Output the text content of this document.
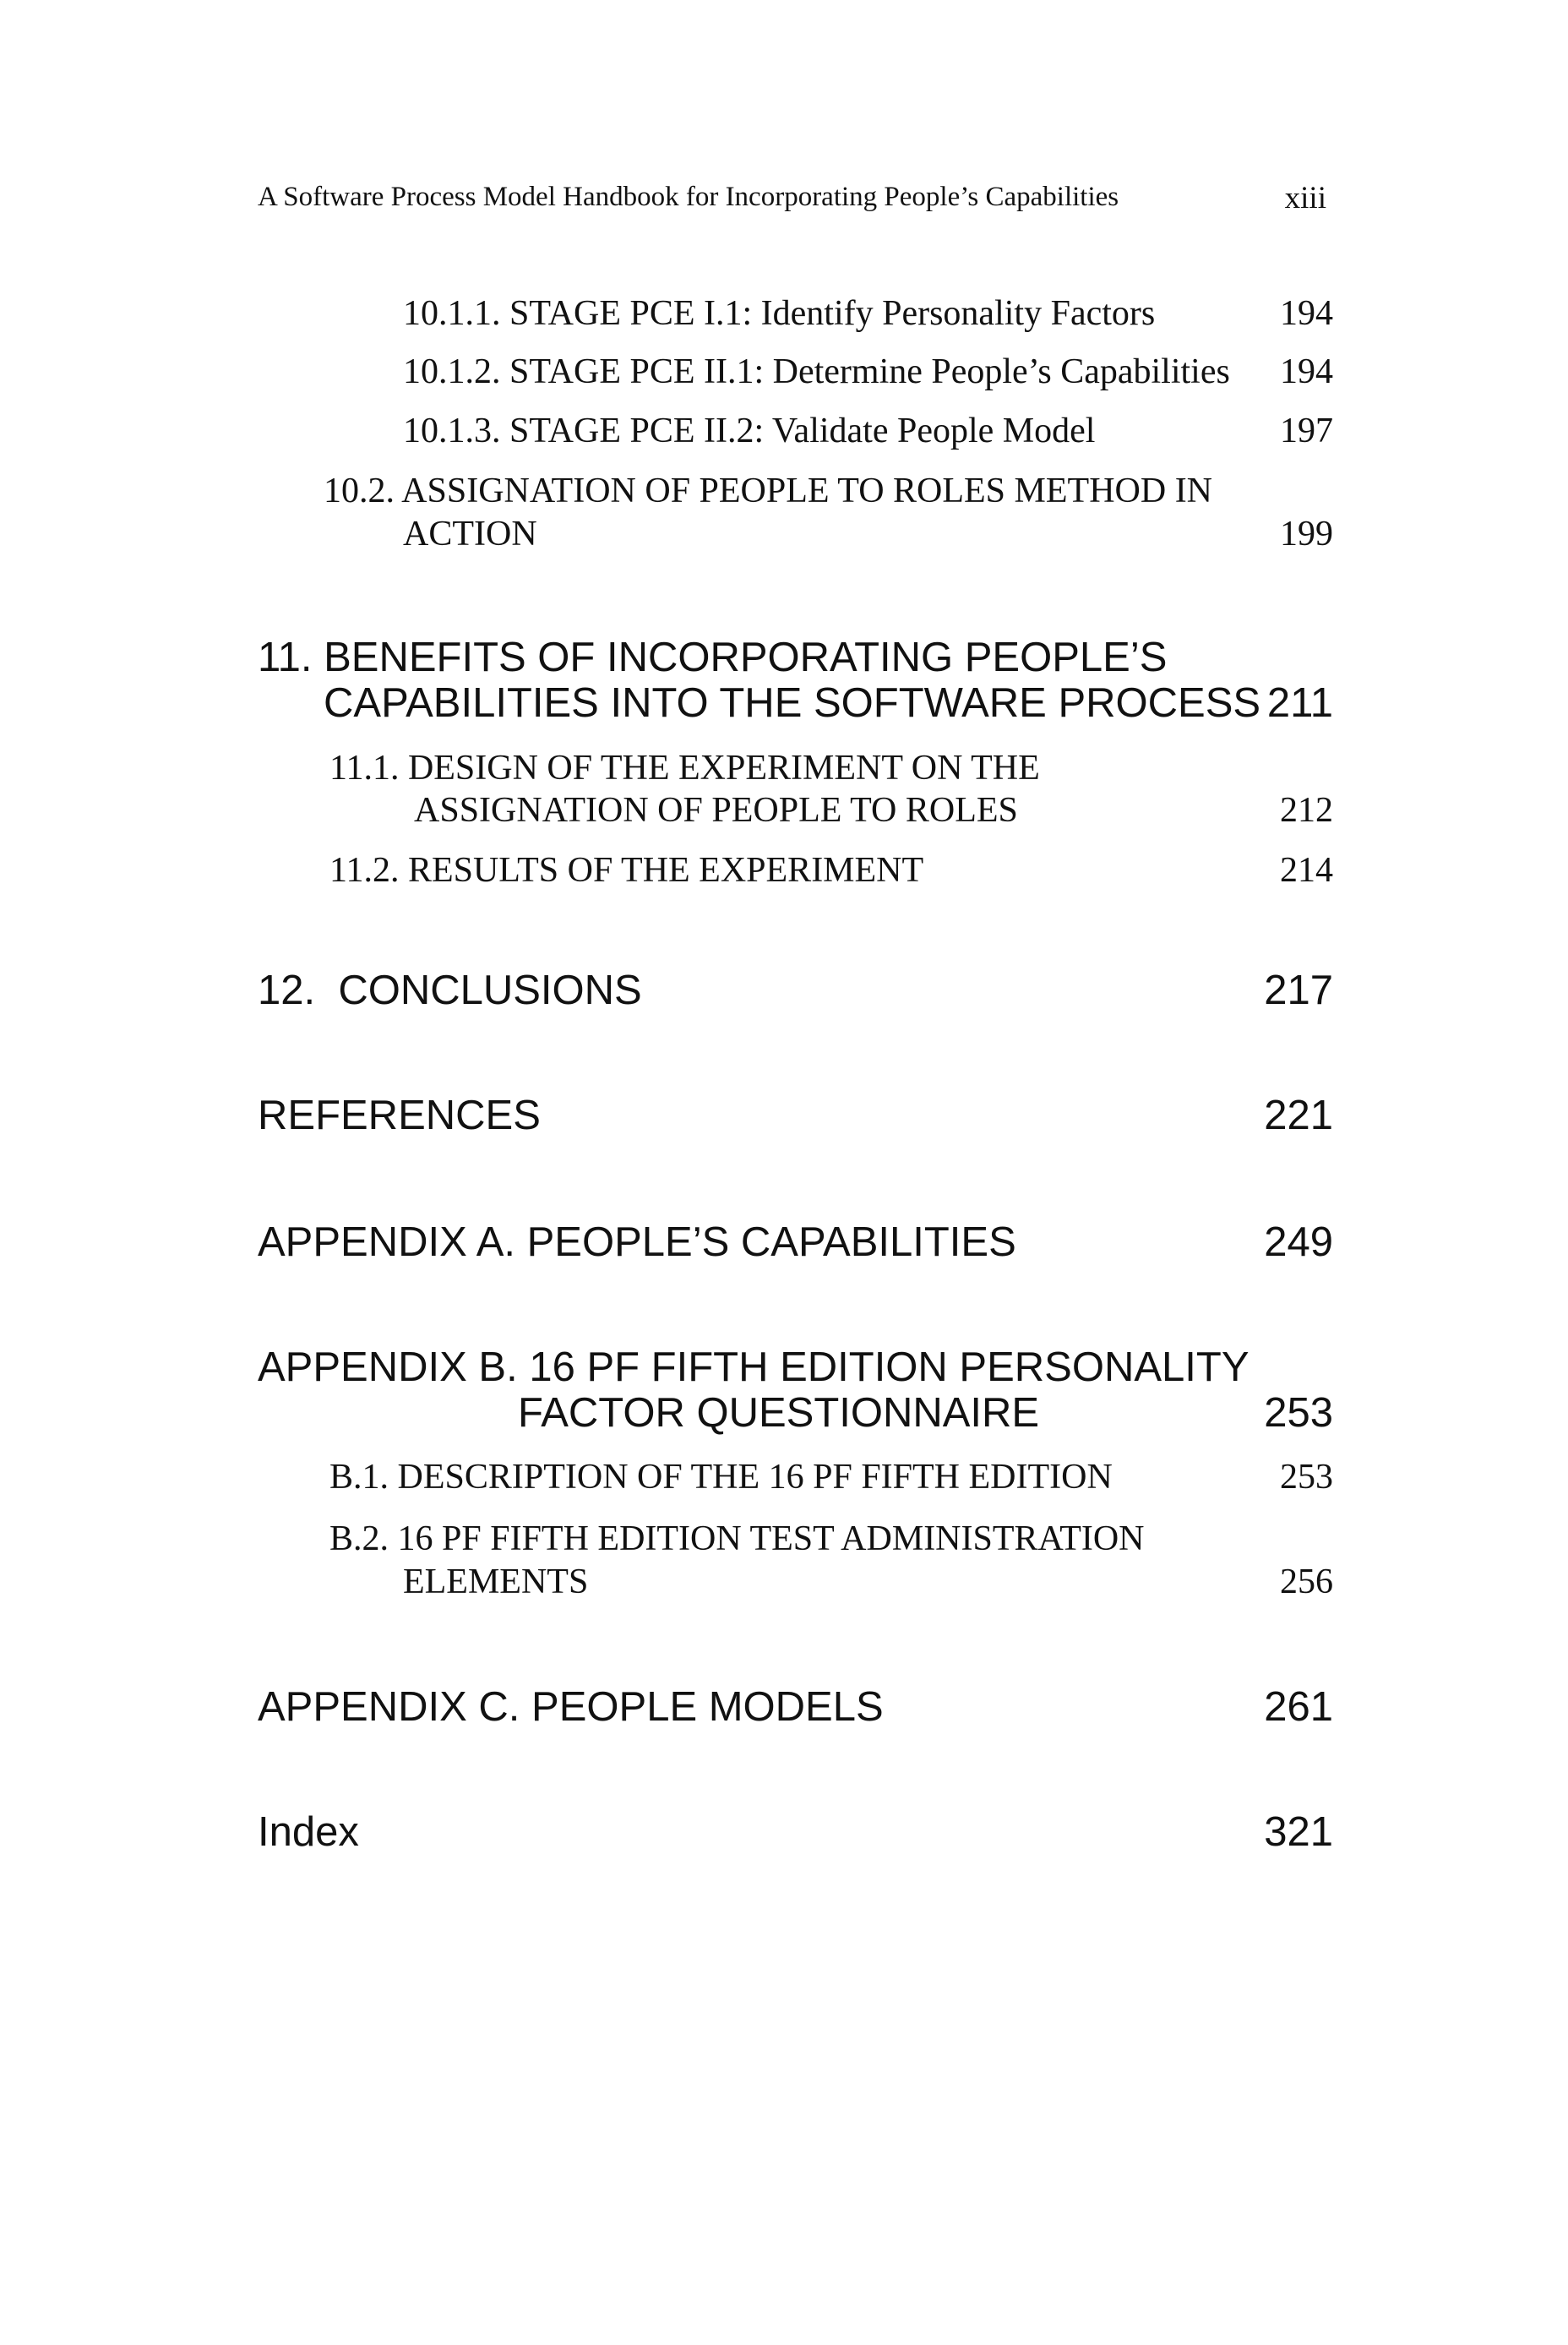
A Software Process Model Handbook for Incorporating People’s Capabilities	xiii
10.1.1. STAGE PCE I.1: Identify Personality Factors	194
10.1.2. STAGE PCE II.1: Determine People’s Capabilities	194
10.1.3. STAGE PCE II.2: Validate People Model	197
10.2. ASSIGNATION OF PEOPLE TO ROLES METHOD IN
ACTION	199
11. BENEFITS OF INCORPORATING PEOPLE’S
CAPABILITIES INTO THE SOFTWARE PROCESS 211
11.1. DESIGN OF THE EXPERIMENT ON THE
ASSIGNATION OF PEOPLE TO ROLES	212
11.2. RESULTS OF THE EXPERIMENT	214
12.  CONCLUSIONS	217
REFERENCES	221
APPENDIX A. PEOPLE’S CAPABILITIES	249
APPENDIX B. 16 PF FIFTH EDITION PERSONALITY
FACTOR QUESTIONNAIRE	253
B.1. DESCRIPTION OF THE 16 PF FIFTH EDITION	253
B.2. 16 PF FIFTH EDITION TEST ADMINISTRATION
ELEMENTS	256
APPENDIX C. PEOPLE MODELS	261
Index	321
